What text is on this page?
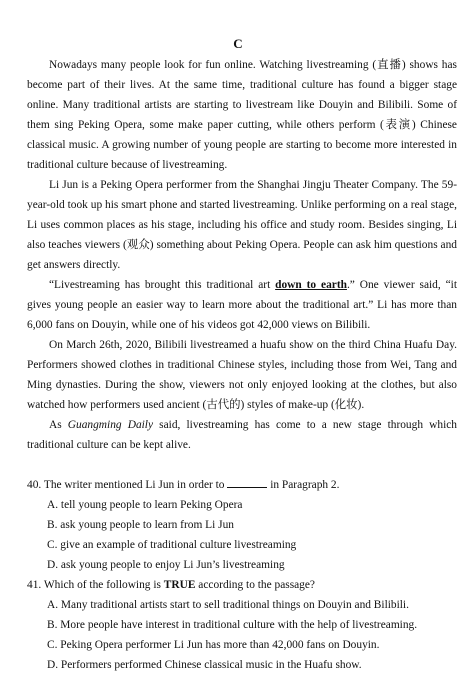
C

Nowadays many people look for fun online. Watching livestreaming (直播) shows has become part of their lives. At the same time, traditional culture has found a bigger stage online. Many traditional artists are starting to livestream like Douyin and Bilibili. Some of them sing Peking Opera, some make paper cutting, while others perform (表演) Chinese classical music. A growing number of young people are starting to become more interested in traditional culture because of livestreaming.

Li Jun is a Peking Opera performer from the Shanghai Jingju Theater Company. The 59-year-old took up his smart phone and started livestreaming. Unlike performing on a real stage, Li uses common places as his stage, including his office and study room. Besides singing, Li also teaches viewers (观众) something about Peking Opera. People can ask him questions and get answers directly.

“Livestreaming has brought this traditional art down to earth.” One viewer said, “it gives young people an easier way to learn more about the traditional art.” Li has more than 6,000 fans on Douyin, while one of his videos got 42,000 views on Bilibili.

On March 26th, 2020, Bilibili livestreamed a huafu show on the third China Huafu Day. Performers showed clothes in traditional Chinese styles, including those from Wei, Tang and Ming dynasties. During the show, viewers not only enjoyed looking at the clothes, but also watched how performers used ancient (古代的) styles of make-up (化妆).

As Guangming Daily said, livestreaming has come to a new stage through which traditional culture can be kept alive.

40. The writer mentioned Li Jun in order to	in Paragraph 2.
A. tell young people to learn Peking Opera
B. ask young people to learn from Li Jun
C. give an example of traditional culture livestreaming
D. ask young people to enjoy Li Jun’s livestreaming
41. Which of the following is TRUE according to the passage?
A. Many traditional artists start to sell traditional things on Douyin and Bilibili.
B. More people have interest in traditional culture with the help of livestreaming.
C. Peking Opera performer Li Jun has more than 42,000 fans on Douyin.
D. Performers performed Chinese classical music in the Huafu show.
